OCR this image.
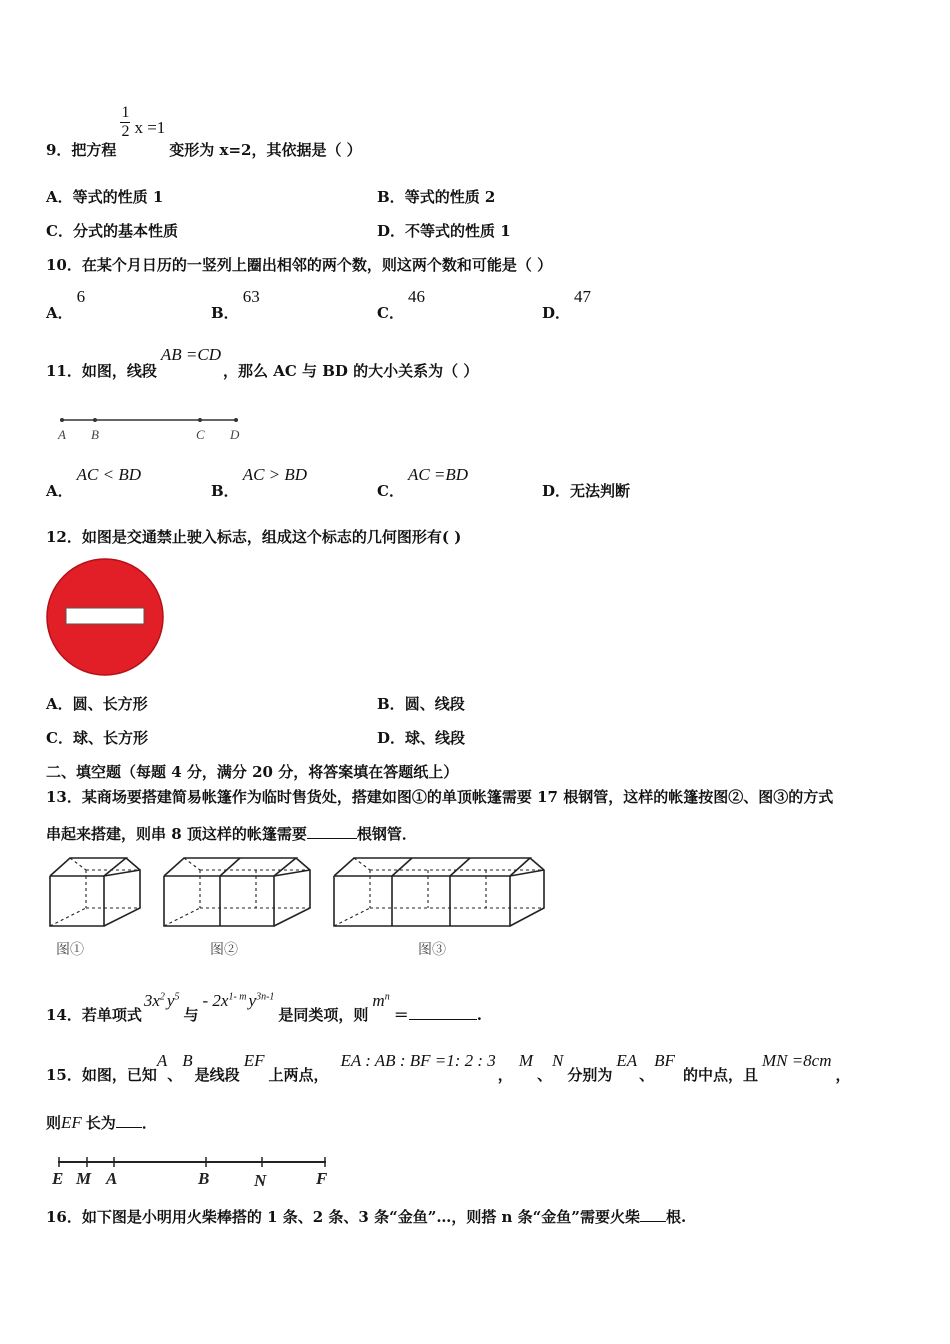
9．把方程
$\frac{1}{2}$ x =1变形为 x=2，其依据是（ ）
A．等式的性质 1	B．等式的性质 2
C．分式的基本性质	D．不等式的性质 1
10．在某个月日历的一竖列上圈出相邻的两个数，则这两个数和可能是（ ）
A．6
B．63
C．46
D．47
11．如图，线段AB =CD，那么 AC 与 BD 的大小关系为（ ）
A B	C D
A．AC < BD
B．AC > BD
C．AC =BD
D．无法判断
12．如图是交通禁止驶入标志，组成这个标志的几何图形有( )
A．圆、长方形	B．圆、线段
C．球、长方形	D．球、线段
二、填空题（每题 4 分，满分 20 分，将答案填在答题纸上）
13．某商场要搭建简易帐篷作为临时售货处，搭建如图①的单顶帐篷需要 17 根钢管，这样的帐篷按图②、图③的方式
串起来搭建，则串 8 顶这样的帐篷需要	根钢管．
图①	图②	图③
14．若单项式$3x^2$ $y^5$与- $2x^{1- m}$ $y^{3n-1}$是同类项，则$m^n=$	.
15．如图，已知A、B是线段EF上两点，EA : AB : BF =1: 2 : 3，M、N分别为EA、BF的中点，且MN =8cm，
则EF 长为 ．
E M A	B	N	F
16．如下图是小明用火柴棒搭的 1 条、2 条、3 条“金鱼”…，则搭 n 条“金鱼”需要火柴 根.
